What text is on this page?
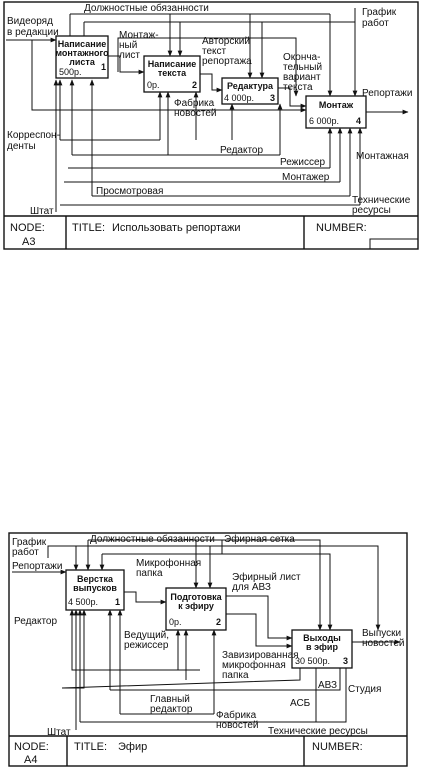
Написание
монтажного
листа
500р. 1	Написание
текста
0р.	2	Редактура
4 000р. 3
Монтаж
6 000р. 4
Видеоряд
в редакции
Должностные обязанности	График
работ
Монтаж-
ный
лист
Авторский
текст
репортажа	Оконча-
тельный
вариант
текста
Репортажи
Фабрика
новостей
Корреспон-
денты	Редактор
Режиссер
Монтажная
Монтажер
Просмотровая
Технические
ресурсы
Штат
NODE:
A3
TITLE: Использовать репортажи	NUMBER:
Верстка
выпусков
4 500р. 1	Подготовка
к эфиру
0р.	2
Выходы
в эфир
30 500р. 3
График
работ
Должностные обязанности Эфирная сетка
Репортажи	Микрофонная
папка	Эфирный лист
для АВЗ
Редактор
Ведущий,
режиссер
Завизированная
микрофонная
папка
Выпуски
новостей
Главный
редактор
АСБ
АВЗ Студия
Штат
Фабрика
новостей
Технические ресурсы
NODE:
A4
TITLE: Эфир	NUMBER:
